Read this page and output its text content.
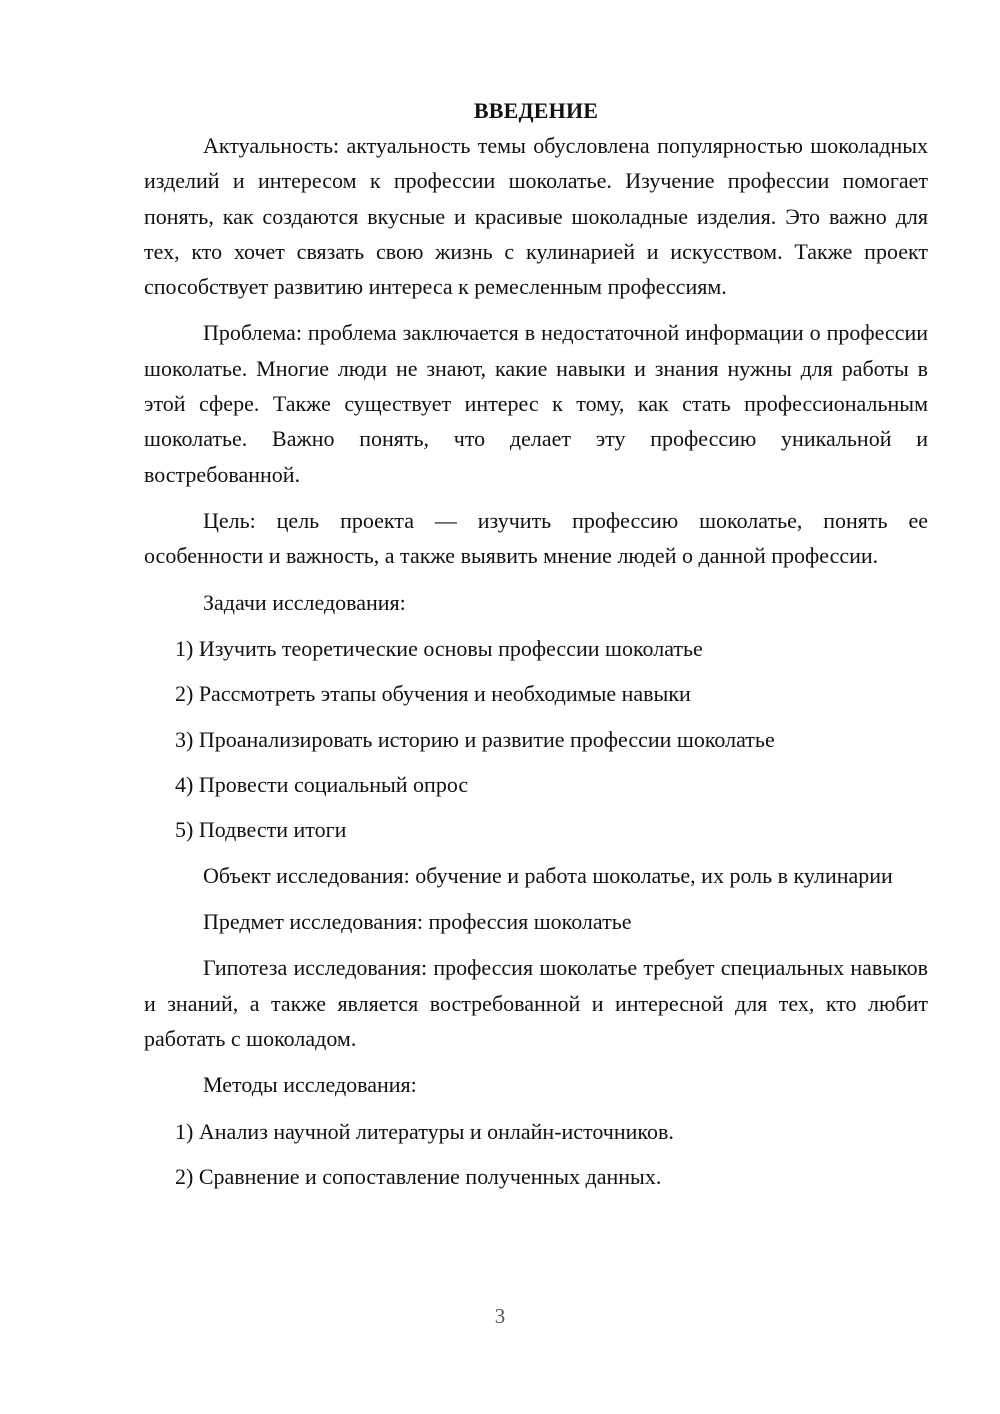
ВВЕДЕНИЕ

Актуальность: актуальность темы обусловлена популярностью шоколадных изделий и интересом к профессии шоколатье. Изучение профессии помогает понять, как создаются вкусные и красивые шоколадные изделия. Это важно для тех, кто хочет связать свою жизнь с кулинарией и искусством. Также проект способствует развитию интереса к ремесленным профессиям.

Проблема: проблема заключается в недостаточной информации о профессии шоколатье. Многие люди не знают, какие навыки и знания нужны для работы в этой сфере. Также существует интерес к тому, как стать профессиональным шоколатье. Важно понять, что делает эту профессию уникальной и востребованной.

Цель: цель проекта — изучить профессию шоколатье, понять ее особенности и важность, а также выявить мнение людей о данной профессии.

Задачи исследования:

1) Изучить теоретические основы профессии шоколатье
2) Рассмотреть этапы обучения и необходимые навыки
3) Проанализировать историю и развитие профессии шоколатье
4) Провести социальный опрос
5) Подвести итоги

Объект исследования: обучение и работа шоколатье, их роль в кулинарии

Предмет исследования: профессия шоколатье

Гипотеза исследования: профессия шоколатье требует специальных навыков и знаний, а также является востребованной и интересной для тех, кто любит работать с шоколадом.

Методы исследования:

1) Анализ научной литературы и онлайн-источников.
2) Сравнение и сопоставление полученных данных.
3
